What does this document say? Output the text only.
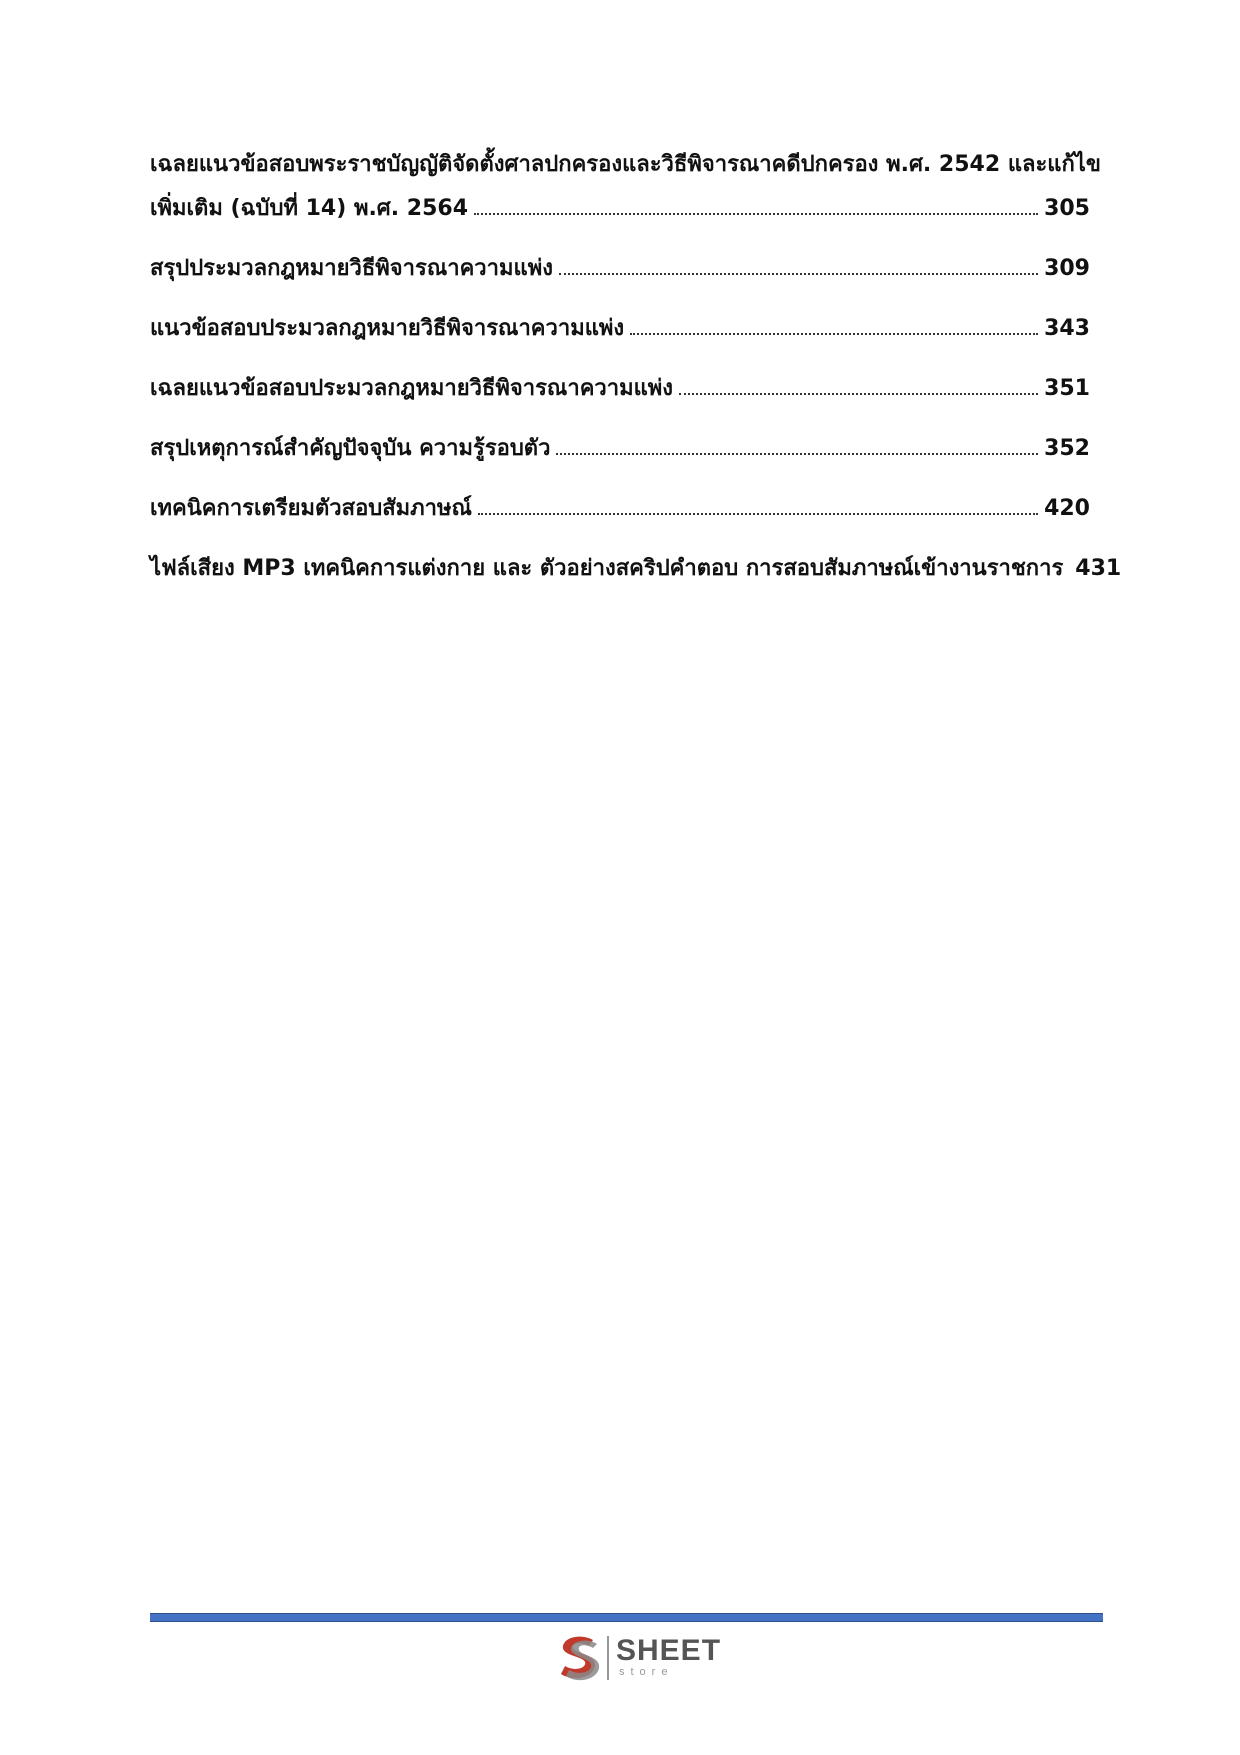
เฉลยแนวข้อสอบพระราชบัญญัติจัดตั้งศาลปกครองและวิธีพิจารณาคดีปกครอง พ.ศ. 2542 และแก้ไข
เพิ่มเติม (ฉบับที่ 14) พ.ศ. 2564	305
สรุปประมวลกฎหมายวิธีพิจารณาความแพ่ง	309
แนวข้อสอบประมวลกฎหมายวิธีพิจารณาความแพ่ง	343
เฉลยแนวข้อสอบประมวลกฎหมายวิธีพิจารณาความแพ่ง	351
สรุปเหตุการณ์สำคัญปัจจุบัน ความรู้รอบตัว	352
เทคนิคการเตรียมตัวสอบสัมภาษณ์	420
ไฟล์เสียง MP3 เทคนิคการแต่งกาย และ ตัวอย่างสคริปคำตอบ การสอบสัมภาษณ์เข้างานราชการ 431
SHEET
store
